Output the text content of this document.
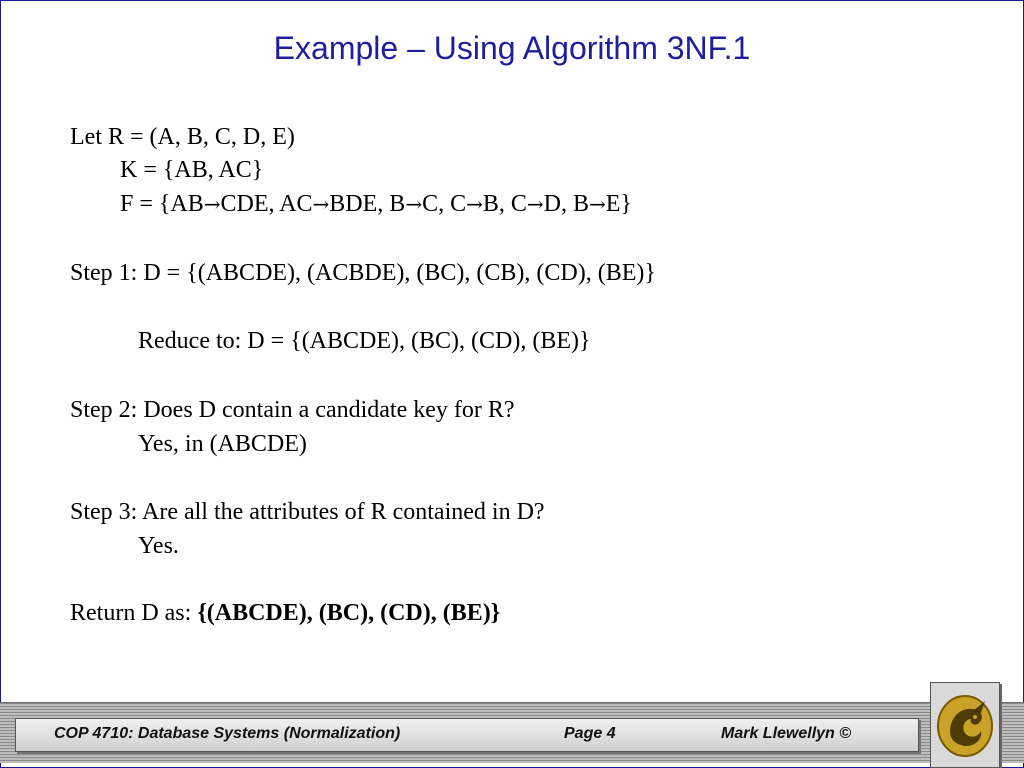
Example – Using Algorithm 3NF.1
Let R = (A, B, C, D, E)
K = {AB, AC}
F = {AB→CDE, AC→BDE, B→C, C→B, C→D, B→E}
Step 1: D = {(ABCDE), (ACBDE), (BC), (CB), (CD), (BE)}
Reduce to: D = {(ABCDE), (BC), (CD), (BE)}
Step 2: Does D contain a candidate key for R?
Yes, in (ABCDE)
Step 3: Are all the attributes of R contained in D?
Yes.
Return D as: {(ABCDE), (BC), (CD), (BE)}
COP 4710: Database Systems (Normalization)	Page 4	Mark Llewellyn ©
